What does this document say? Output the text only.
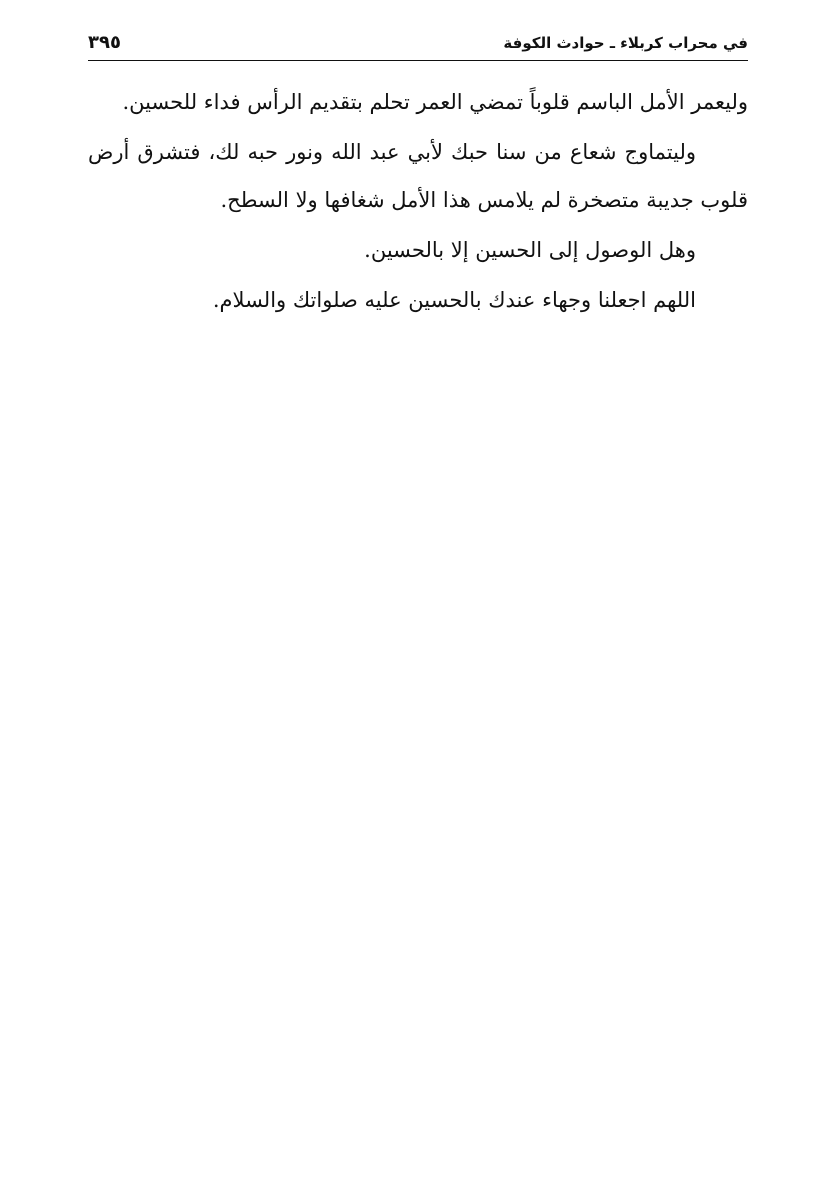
في محراب كربلاء ـ حوادث الكوفة
٣٩٥

وليعمر الأمل الباسم قلوباً تمضي العمر تحلم بتقديم الرأس فداء للحسين.

وليتماوج شعاع من سنا حبك لأبي عبد الله ونور حبه لك، فتشرق أرض قلوب جديبة متصخرة لم يلامس هذا الأمل شغافها ولا السطح.

وهل الوصول إلى الحسين إلا بالحسين.

اللهم اجعلنا وجهاء عندك بالحسين عليه صلواتك والسلام.
